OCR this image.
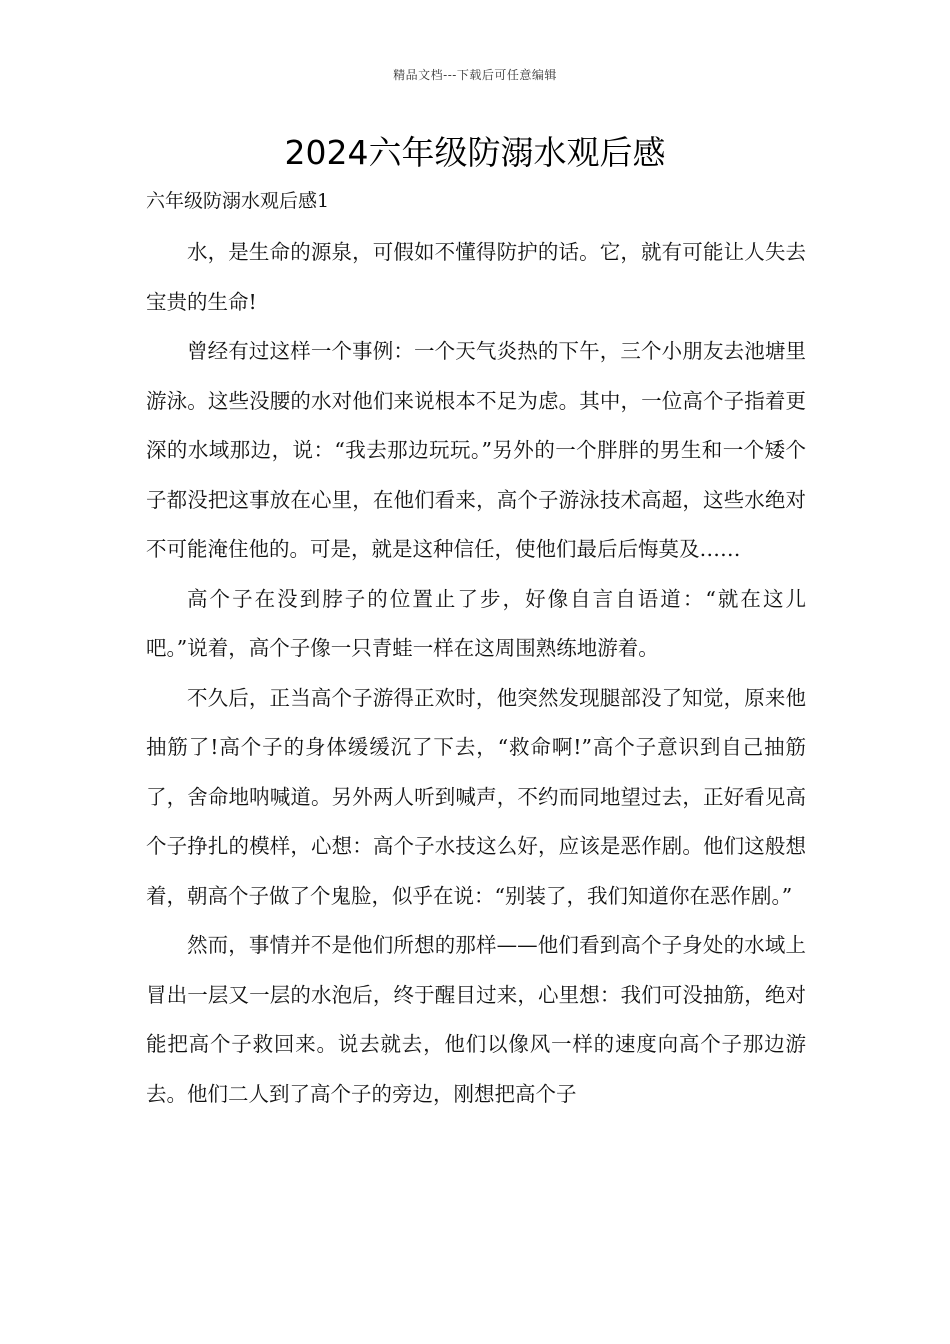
精品文档---下载后可任意编辑
2024六年级防溺水观后感
六年级防溺水观后感1

水，是生命的源泉，可假如不懂得防护的话。它，就有可能让人失去宝贵的生命!

曾经有过这样一个事例：一个天气炎热的下午，三个小朋友去池塘里游泳。这些没腰的水对他们来说根本不足为虑。其中，一位高个子指着更深的水域那边，说：“我去那边玩玩。”另外的一个胖胖的男生和一个矮个子都没把这事放在心里，在他们看来，高个子游泳技术高超，这些水绝对不可能淹住他的。可是，就是这种信任，使他们最后后悔莫及……

高个子在没到脖子的位置止了步，好像自言自语道：“就在这儿吧。”说着，高个子像一只青蛙一样在这周围熟练地游着。

不久后，正当高个子游得正欢时，他突然发现腿部没了知觉，原来他抽筋了!高个子的身体缓缓沉了下去，“救命啊!”高个子意识到自己抽筋了，舍命地呐喊道。另外两人听到喊声，不约而同地望过去，正好看见高个子挣扎的模样，心想：高个子水技这么好，应该是恶作剧。他们这般想着，朝高个子做了个鬼脸，似乎在说：“别装了，我们知道你在恶作剧。”

然而，事情并不是他们所想的那样——他们看到高个子身处的水域上冒出一层又一层的水泡后，终于醒目过来，心里想：我们可没抽筋，绝对能把高个子救回来。说去就去，他们以像风一样的速度向高个子那边游去。他们二人到了高个子的旁边，刚想把高个子
